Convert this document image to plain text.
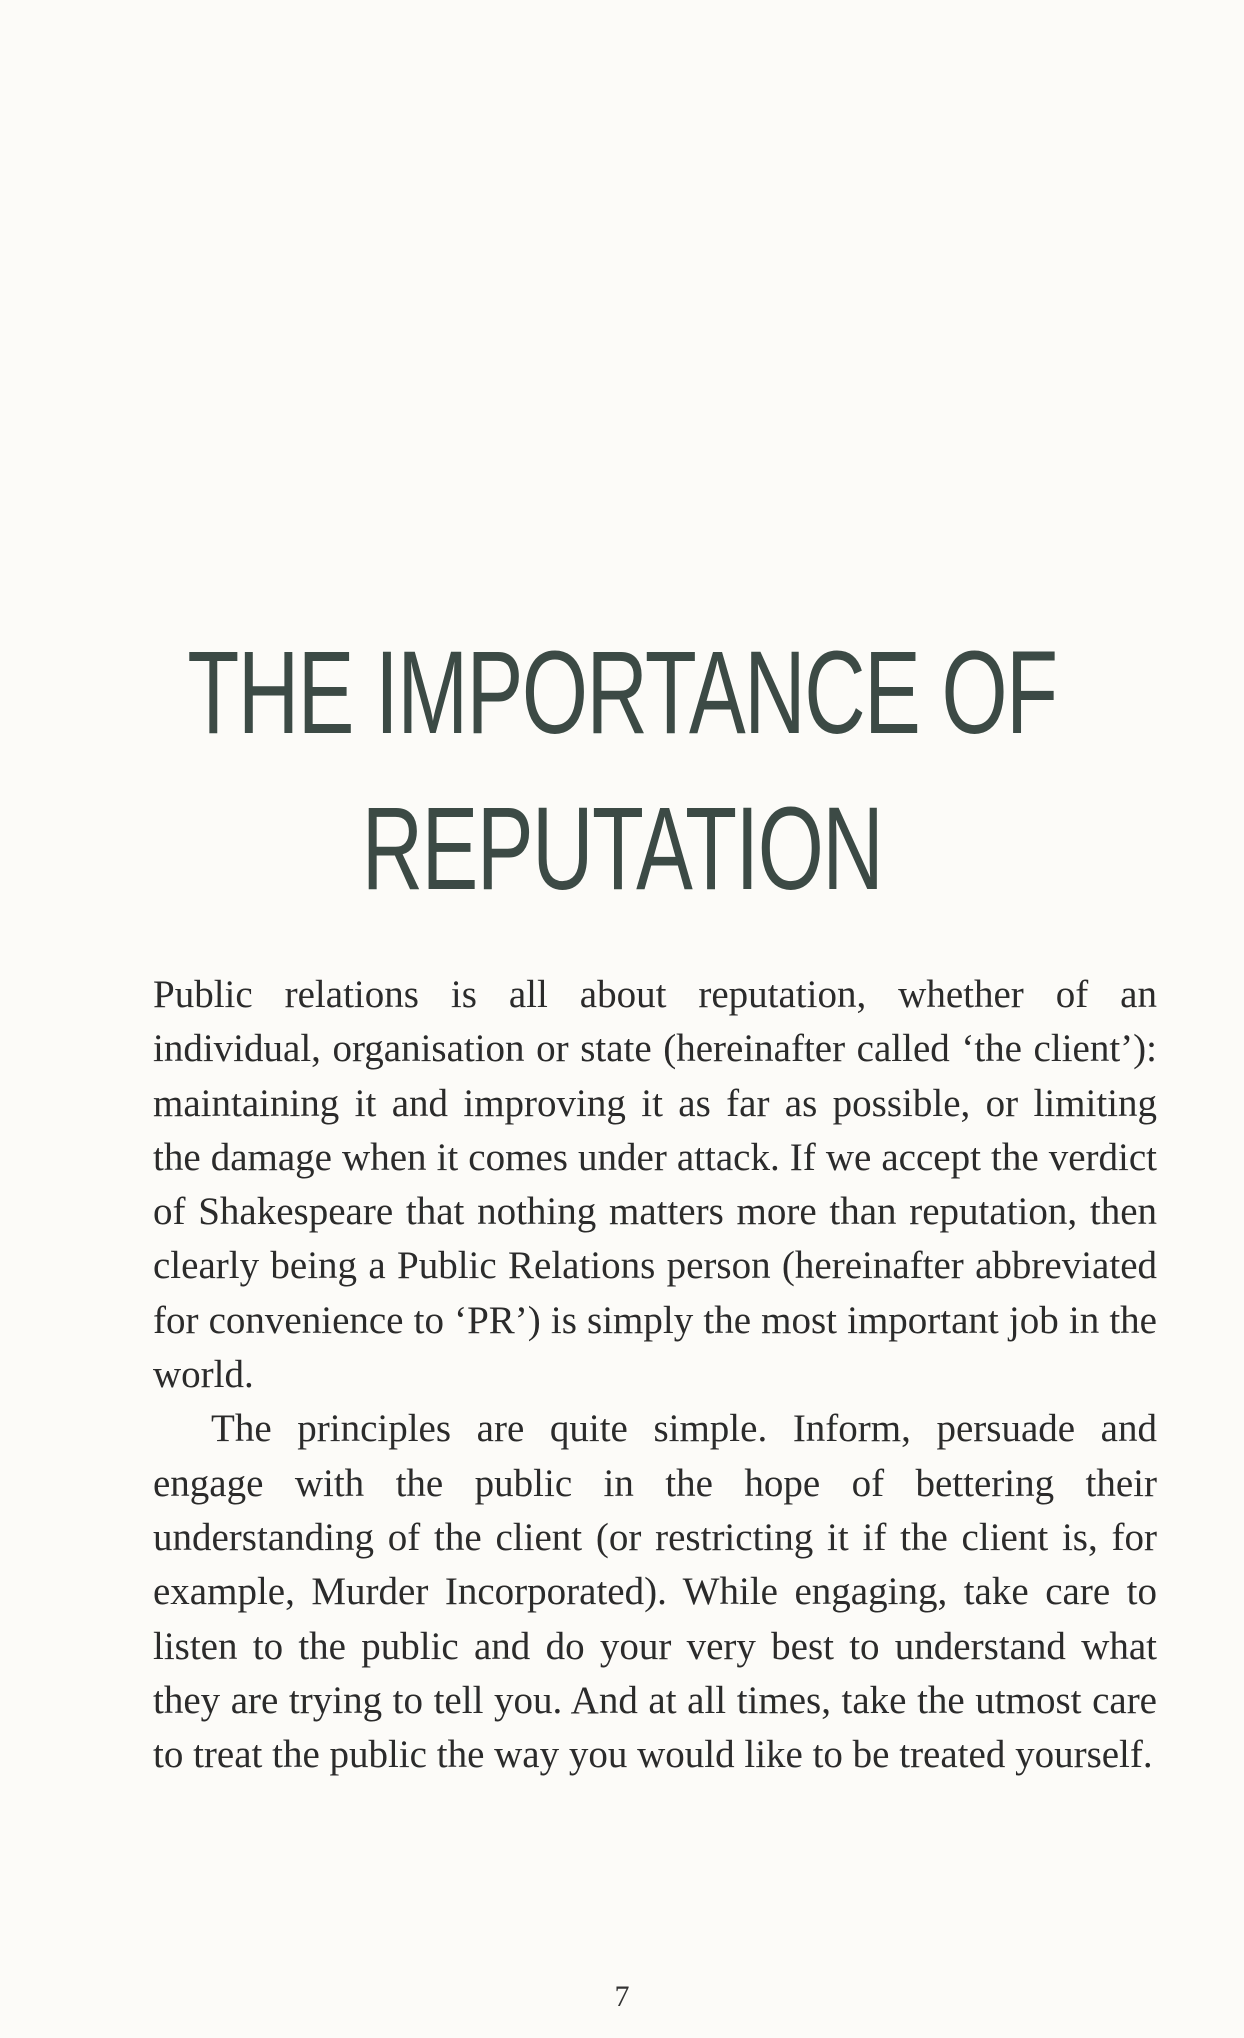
THE IMPORTANCE OF
REPUTATION

Public relations is all about reputation, whether of an individual, organisation or state (hereinafter called ‘the client’): maintaining it and improving it as far as possible, or limiting the damage when it comes under attack. If we accept the verdict of Shakespeare that nothing matters more than reputation, then clearly being a Public Relations person (hereinafter abbreviated for convenience to ‘PR’) is simply the most important job in the world.

The principles are quite simple. Inform, persuade and engage with the public in the hope of bettering their understanding of the client (or restricting it if the client is, for example, Murder Incorporated). While engaging, take care to listen to the public and do your very best to understand what they are trying to tell you. And at all times, take the utmost care to treat the public the way you would like to be treated yourself.

7
